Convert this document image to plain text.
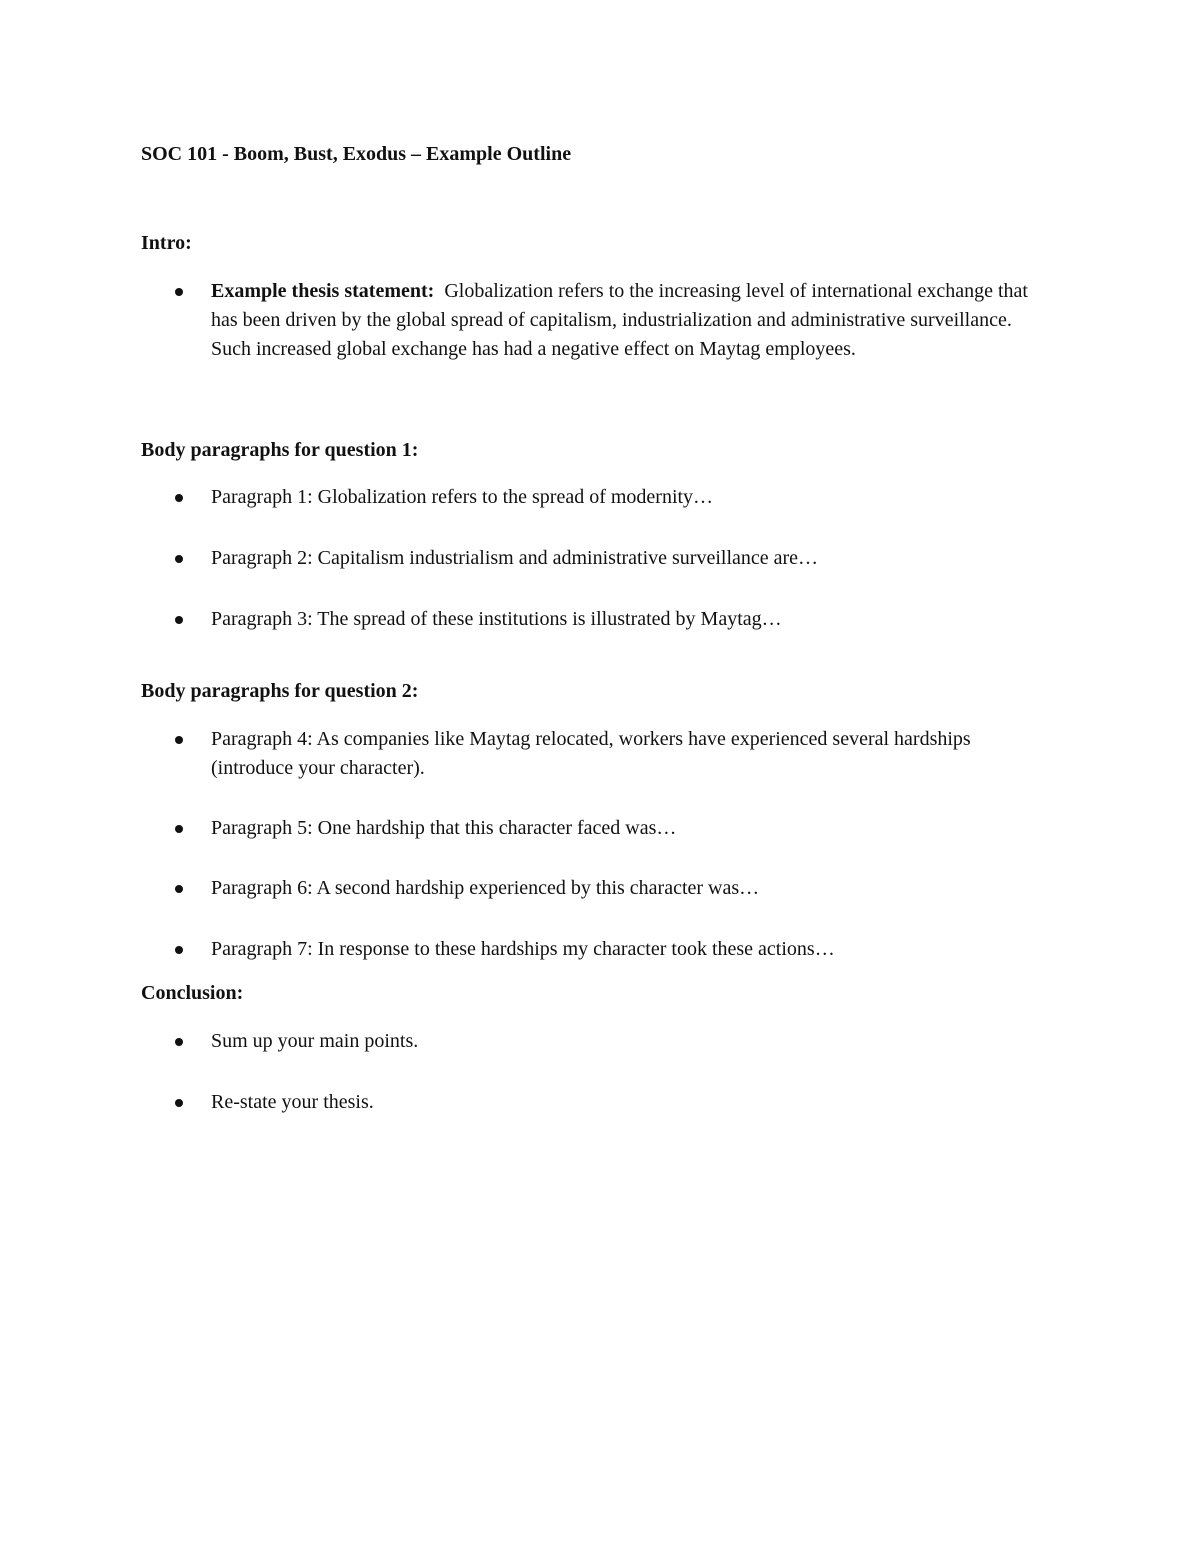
SOC 101 - Boom, Bust, Exodus – Example Outline
Intro:
Example thesis statement: Globalization refers to the increasing level of international exchange that has been driven by the global spread of capitalism, industrialization and administrative surveillance. Such increased global exchange has had a negative effect on Maytag employees.
Body paragraphs for question 1:
Paragraph 1: Globalization refers to the spread of modernity…
Paragraph 2: Capitalism industrialism and administrative surveillance are…
Paragraph 3: The spread of these institutions is illustrated by Maytag…
Body paragraphs for question 2:
Paragraph 4: As companies like Maytag relocated, workers have experienced several hardships (introduce your character).
Paragraph 5: One hardship that this character faced was…
Paragraph 6: A second hardship experienced by this character was…
Paragraph 7: In response to these hardships my character took these actions…
Conclusion:
Sum up your main points.
Re-state your thesis.
